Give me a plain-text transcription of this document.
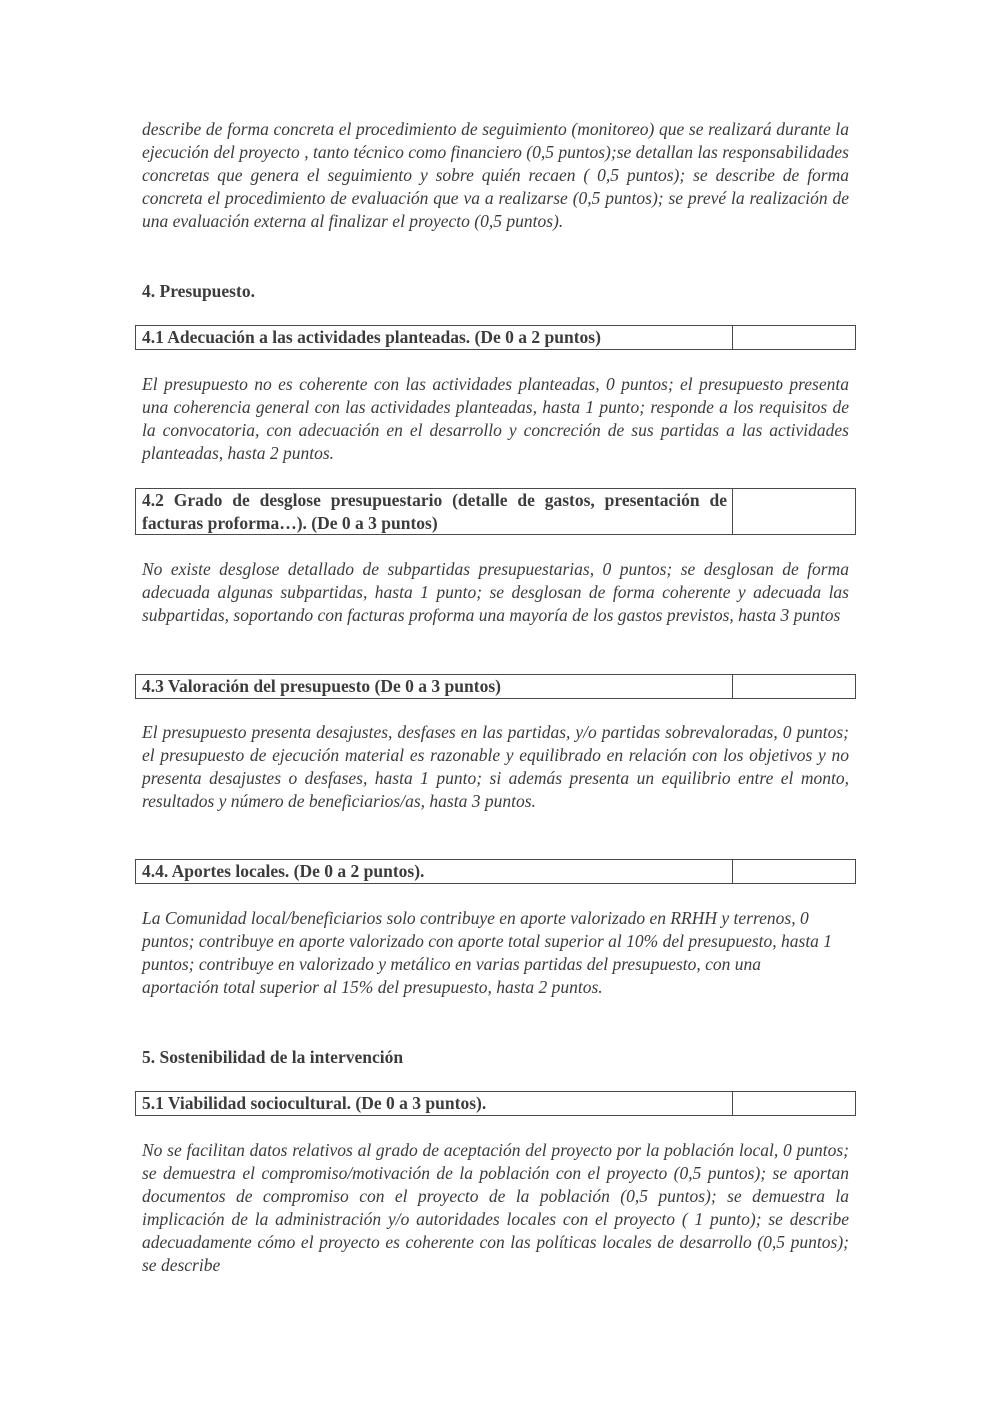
describe de forma concreta el procedimiento de seguimiento (monitoreo) que se realizará durante la ejecución del proyecto , tanto técnico como financiero (0,5 puntos);se detallan las responsabilidades concretas que genera el seguimiento y sobre quién recaen ( 0,5 puntos); se describe de forma concreta el procedimiento de evaluación que va a realizarse (0,5 puntos); se prevé la realización de una evaluación externa al finalizar el proyecto (0,5 puntos).

4. Presupuesto.

4.1 Adecuación a las actividades planteadas. (De 0 a 2 puntos)

El presupuesto no es coherente con las actividades planteadas, 0 puntos; el presupuesto presenta una coherencia general con las actividades planteadas, hasta 1 punto; responde a los requisitos de la convocatoria, con adecuación en el desarrollo y concreción de sus partidas a las actividades planteadas, hasta 2 puntos.

4.2 Grado de desglose presupuestario (detalle de gastos, presentación de facturas proforma…). (De 0 a 3 puntos)

No existe desglose detallado de subpartidas presupuestarias, 0 puntos; se desglosan de forma adecuada algunas subpartidas, hasta 1 punto; se desglosan de forma coherente y adecuada las subpartidas, soportando con facturas proforma una mayoría de los gastos previstos, hasta 3 puntos

4.3 Valoración del presupuesto (De 0 a 3 puntos)

El presupuesto presenta desajustes, desfases en las partidas, y/o partidas sobrevaloradas, 0 puntos; el presupuesto de ejecución material es razonable y equilibrado en relación con los objetivos y no presenta desajustes o desfases, hasta 1 punto; si además presenta un equilibrio entre el monto, resultados y número de beneficiarios/as, hasta 3 puntos.

4.4. Aportes locales. (De 0 a 2 puntos).

La Comunidad local/beneficiarios solo contribuye en aporte valorizado en RRHH y terrenos, 0 puntos; contribuye en aporte valorizado con aporte total superior al 10% del presupuesto, hasta 1 puntos; contribuye en valorizado y metálico en varias partidas del presupuesto, con una aportación total superior al 15% del presupuesto, hasta 2 puntos.

5. Sostenibilidad de la intervención

5.1 Viabilidad sociocultural. (De 0 a 3 puntos).

No se facilitan datos relativos al grado de aceptación del proyecto por la población local, 0 puntos; se demuestra el compromiso/motivación de la población con el proyecto (0,5 puntos); se aportan documentos de compromiso con el proyecto de la población (0,5 puntos); se demuestra la implicación de la administración y/o autoridades locales con el proyecto ( 1 punto); se describe adecuadamente cómo el proyecto es coherente con las políticas locales de desarrollo (0,5 puntos); se describe
